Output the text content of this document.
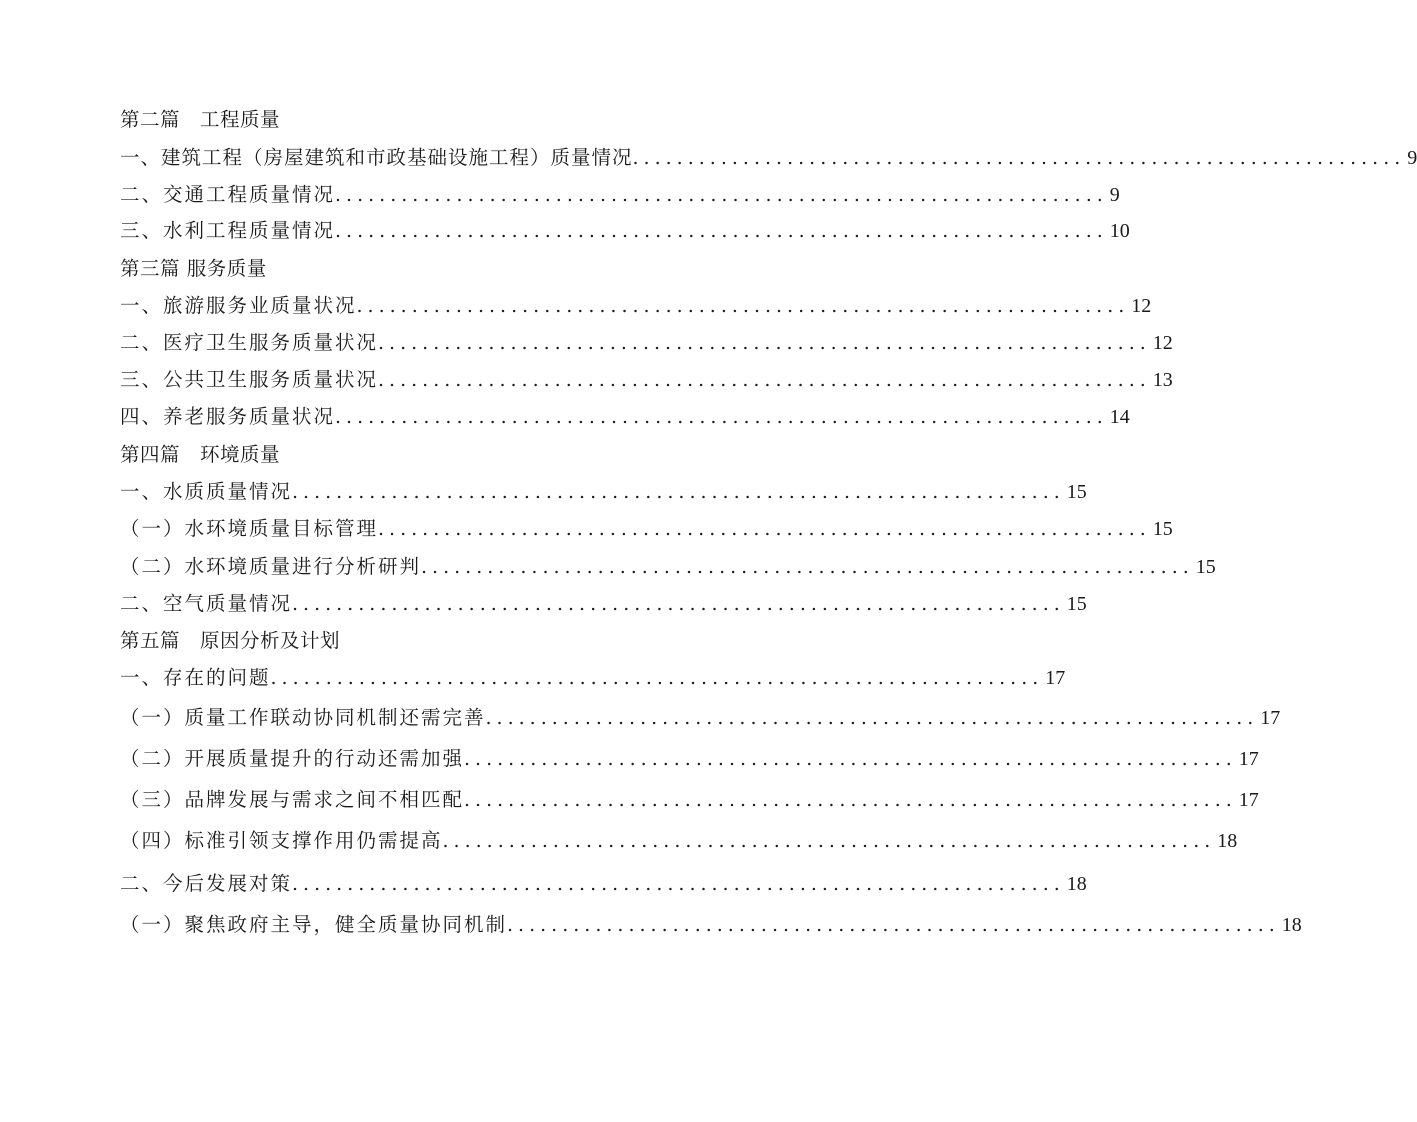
第二篇　工程质量
一、建筑工程（房屋建筑和市政基础设施工程）质量情况 ...................................................................... 9
二、交通工程质量情况 ...................................................................... 9
三、水利工程质量情况 ...................................................................... 10
第三篇 服务质量
一、旅游服务业质量状况 ...................................................................... 12
二、医疗卫生服务质量状况 ...................................................................... 12
三、公共卫生服务质量状况 ...................................................................... 13
四、养老服务质量状况 ...................................................................... 14
第四篇　环境质量
一、水质质量情况 ...................................................................... 15
（一）水环境质量目标管理 ...................................................................... 15
（二）水环境质量进行分析研判 ...................................................................... 15
二、空气质量情况 ...................................................................... 15
第五篇　原因分析及计划
一、存在的问题 ...................................................................... 17
（一）质量工作联动协同机制还需完善 ...................................................................... 17
（二）开展质量提升的行动还需加强 ...................................................................... 17
（三）品牌发展与需求之间不相匹配 ...................................................................... 17
（四）标准引领支撑作用仍需提高 ...................................................................... 18
二、今后发展对策 ...................................................................... 18
（一）聚焦政府主导，健全质量协同机制 ...................................................................... 18
